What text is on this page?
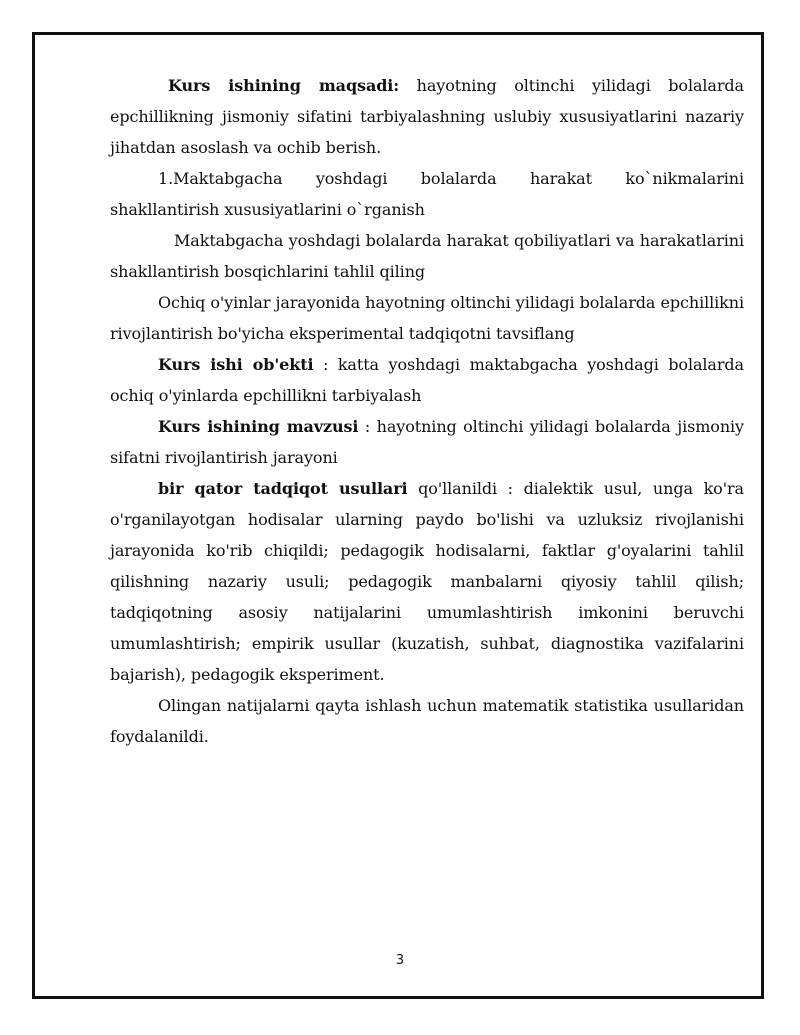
Kurs ishining maqsadi: hayotning oltinchi yilidagi bolalarda epchillikning jismoniy sifatini tarbiyalashning uslubiy xususiyatlarini nazariy jihatdan asoslash va ochib berish.

1.Maktabgacha yoshdagi bolalarda harakat ko`nikmalarini shakllantirish xususiyatlarini o`rganish

Maktabgacha yoshdagi bolalarda harakat qobiliyatlari va harakatlarini shakllantirish bosqichlarini tahlil qiling

Ochiq o'yinlar jarayonida hayotning oltinchi yilidagi bolalarda epchillikni rivojlantirish bo'yicha eksperimental tadqiqotni tavsiflang

Kurs ishi ob'ekti : katta yoshdagi maktabgacha yoshdagi bolalarda ochiq o'yinlarda epchillikni tarbiyalash

Kurs ishining mavzusi : hayotning oltinchi yilidagi bolalarda jismoniy sifatni rivojlantirish jarayoni

bir qator tadqiqot usullari qo'llanildi : dialektik usul, unga ko'ra o'rganilayotgan hodisalar ularning paydo bo'lishi va uzluksiz rivojlanishi jarayonida ko'rib chiqildi; pedagogik hodisalarni, faktlar g'oyalarini tahlil qilishning nazariy usuli; pedagogik manbalarni qiyosiy tahlil qilish; tadqiqotning asosiy natijalarini umumlashtirish imkonini beruvchi umumlashtirish; empirik usullar (kuzatish, suhbat, diagnostika vazifalarini bajarish), pedagogik eksperiment.

Olingan natijalarni qayta ishlash uchun matematik statistika usullaridan foydalanildi.

3
